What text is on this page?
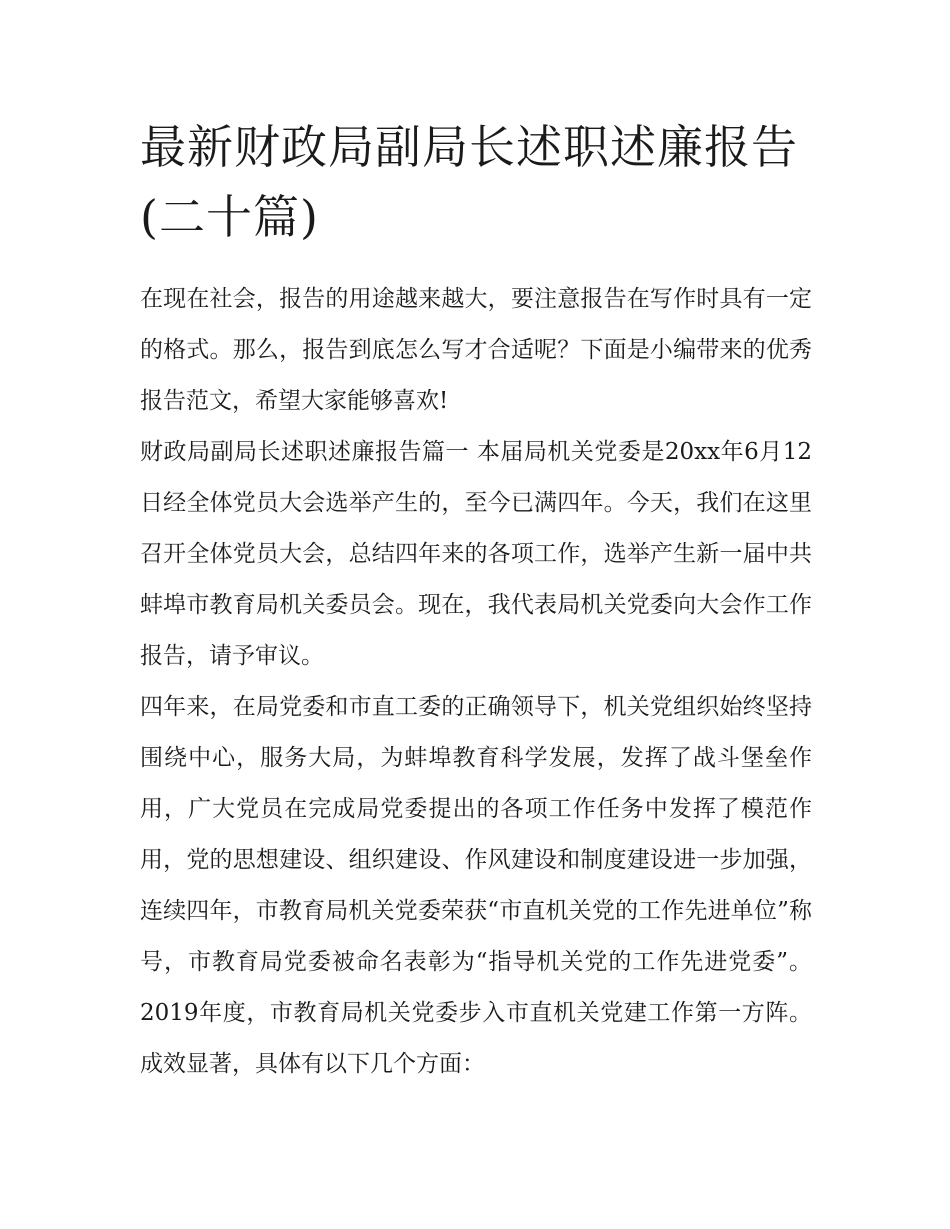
最新财政局副局长述职述廉报告(二十篇)

在现在社会，报告的用途越来越大，要注意报告在写作时具有一定的格式。那么，报告到底怎么写才合适呢？下面是小编带来的优秀报告范文，希望大家能够喜欢!

财政局副局长述职述廉报告篇一 本届局机关党委是20xx年6月12日经全体党员大会选举产生的，至今已满四年。今天，我们在这里召开全体党员大会，总结四年来的各项工作，选举产生新一届中共蚌埠市教育局机关委员会。现在，我代表局机关党委向大会作工作报告，请予审议。

四年来，在局党委和市直工委的正确领导下，机关党组织始终坚持围绕中心，服务大局，为蚌埠教育科学发展，发挥了战斗堡垒作用，广大党员在完成局党委提出的各项工作任务中发挥了模范作用，党的思想建设、组织建设、作风建设和制度建设进一步加强，连续四年，市教育局机关党委荣获“市直机关党的工作先进单位”称号，市教育局党委被命名表彰为“指导机关党的工作先进党委”。2019年度，市教育局机关党委步入市直机关党建工作第一方阵。成效显著，具体有以下几个方面：
